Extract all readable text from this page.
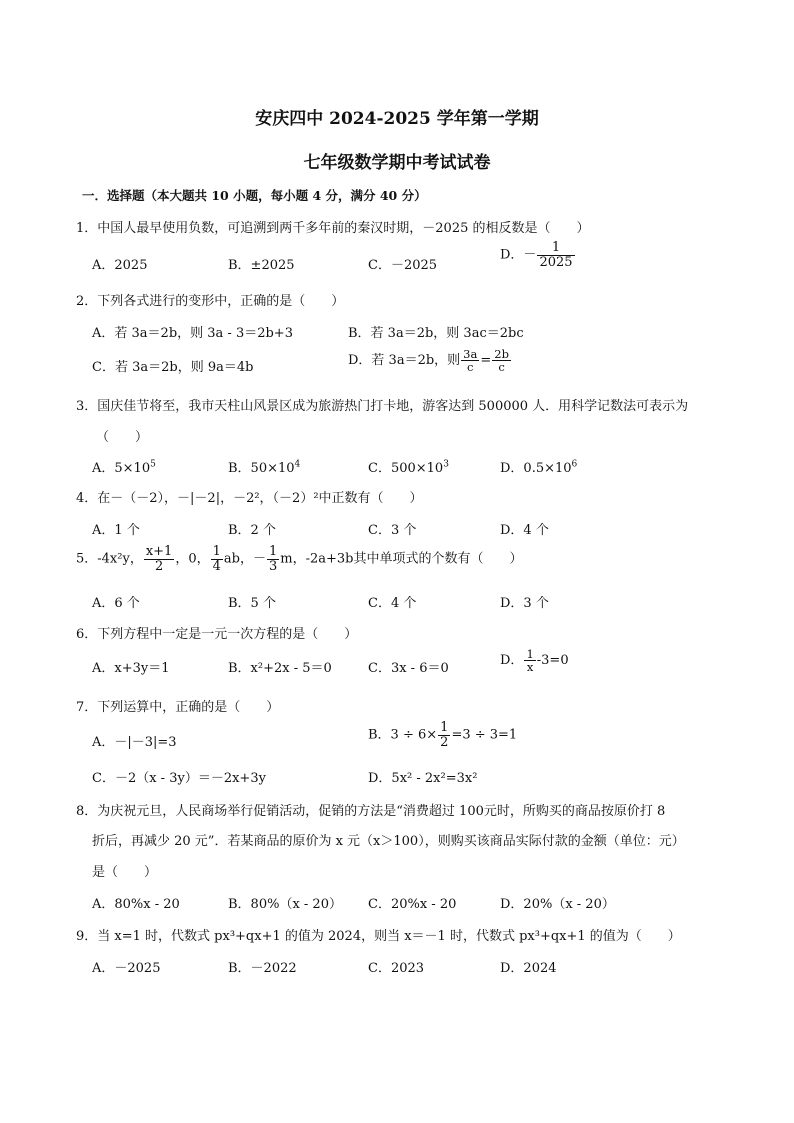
安庆四中 2024-2025 学年第一学期
七年级数学期中考试试卷
一．选择题（本大题共 10 小题，每小题 4 分，满分 40 分）
1．中国人最早使用负数，可追溯到两千多年前的秦汉时期，－2025 的相反数是（　　）
A．2025	B．±2025	C．－2025
D．－ $\frac{1}{2025}$
2．下列各式进行的变形中，正确的是（　　）
A．若 3a＝2b，则 3a - 3＝2b+3	B．若 3a＝2b，则 3ac＝2bc
C．若 3a＝2b，则 9a＝4b	D．若 3a＝2b，则 $\frac{3a}{c} = \frac{2b}{c}$
3．国庆佳节将至，我市天柱山风景区成为旅游热门打卡地，游客达到 500000 人．用科学记数法可表示为
（　　）
A．$5\times 10^5$	B．$50\times 10^4$	C．$500\times 10^3$	D．$0.5\times 10^6$
4．在－（－2），－|－2|，－2²，（－2）²中正数有（　　）
A．1 个	B．2 个	C．3 个	D．4 个
5．-4x²y， $\frac{x+1}{2}$ ，0， $\frac{1}{4}$ ab，－ $\frac{1}{3}$ m，-2a+3b其中单项式的个数有（　　）
A．6 个	B．5 个	C．4 个	D．3 个
6．下列方程中一定是一元一次方程的是（　　）
A．x+3y＝1	B．x²+2x - 5＝0	C．3x - 6＝0
D． $\frac{1}{x} -3=0$
7．下列运算中，正确的是（　　）
A．－|－3|=3	B．$3 \div 6\times \frac{1}{2} =3 \div 3=1$
C．－2（x - 3y）＝－2x+3y	D．5x² - 2x²=3x²
8．为庆祝元旦，人民商场举行促销活动，促销的方法是“消费超过 100元时，所购买的商品按原价打 8
折后，再减少 20 元”．若某商品的原价为 x 元（x＞100），则购买该商品实际付款的金额（单位：元）
是（　　）
A．80%x - 20	B．80%（x - 20） C．20%x - 20	D．20%（x - 20）
9．当 x=1 时，代数式 px³+qx+1 的值为 2024，则当 x＝－1 时，代数式 px³+qx+1 的值为（　　）
A．－2025	B．－2022	C．2023	D．2024
